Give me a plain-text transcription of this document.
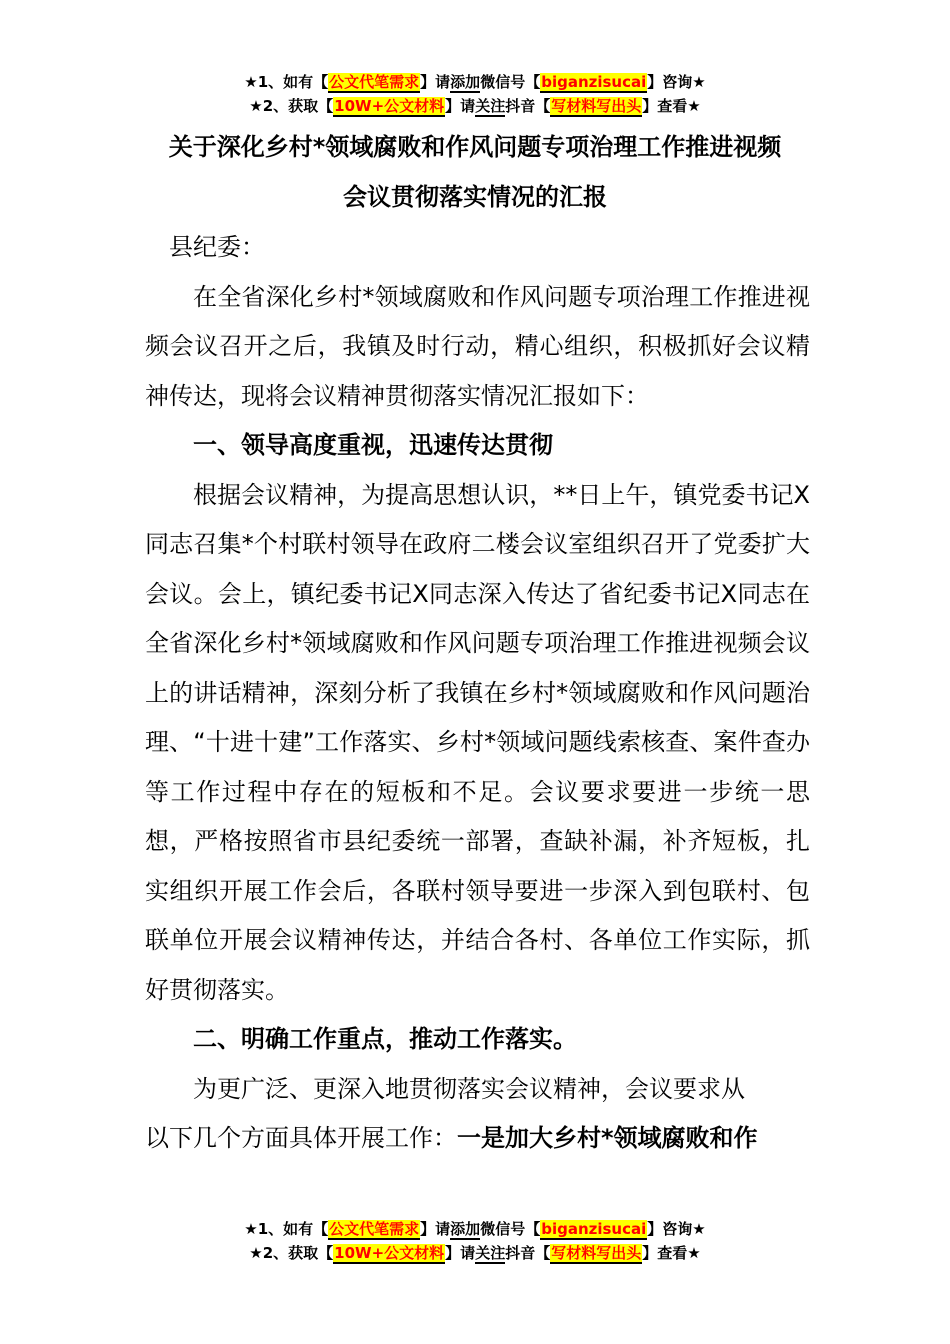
★1、如有【公文代笔需求】请添加微信号【biganzisucai】咨询★
★2、获取【10W+公文材料】请关注抖音【写材料写出头】查看★
关于深化乡村*领域腐败和作风问题专项治理工作推进视频
会议贯彻落实情况的汇报

县纪委：

在全省深化乡村*领域腐败和作风问题专项治理工作推进视频会议召开之后，我镇及时行动，精心组织，积极抓好会议精神传达，现将会议精神贯彻落实情况汇报如下：

一、领导高度重视，迅速传达贯彻

根据会议精神，为提高思想认识，**日上午，镇党委书记X同志召集*个村联村领导在政府二楼会议室组织召开了党委扩大会议。会上，镇纪委书记X同志深入传达了省纪委书记X同志在全省深化乡村*领域腐败和作风问题专项治理工作推进视频会议上的讲话精神，深刻分析了我镇在乡村*领域腐败和作风问题治理、“十进十建”工作落实、乡村*领域问题线索核查、案件查办等工作过程中存在的短板和不足。会议要求要进一步统一思想，严格按照省市县纪委统一部署，查缺补漏，补齐短板，扎实组织开展工作会后，各联村领导要进一步深入到包联村、包联单位开展会议精神传达，并结合各村、各单位工作实际，抓好贯彻落实。

二、明确工作重点，推动工作落实。

为更广泛、更深入地贯彻落实会议精神，会议要求从

以下几个方面具体开展工作：一是加大乡村*领域腐败和作

★1、如有【公文代笔需求】请添加微信号【biganzisucai】咨询★
★2、获取【10W+公文材料】请关注抖音【写材料写出头】查看★
